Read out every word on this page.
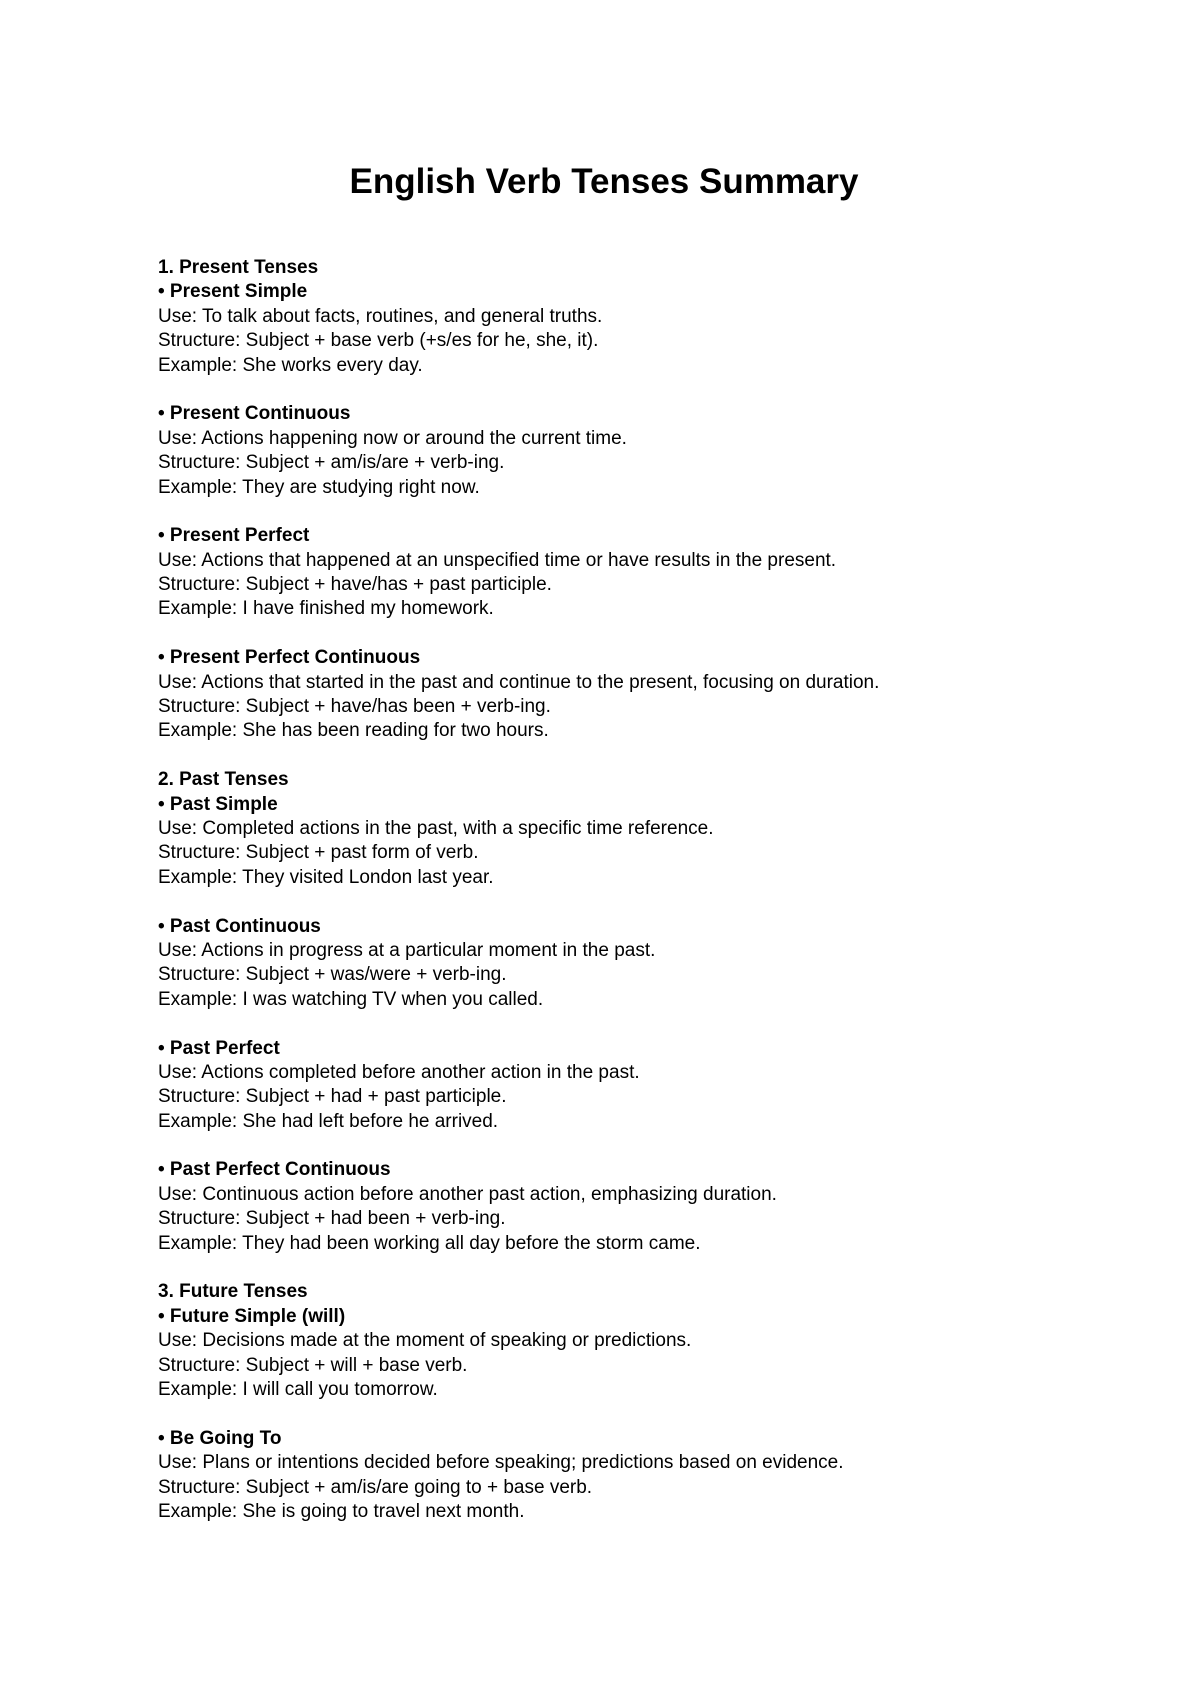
English Verb Tenses Summary
1. Present Tenses
• Present Simple
Use: To talk about facts, routines, and general truths.
Structure: Subject + base verb (+s/es for he, she, it).
Example: She works every day.
• Present Continuous
Use: Actions happening now or around the current time.
Structure: Subject + am/is/are + verb-ing.
Example: They are studying right now.
• Present Perfect
Use: Actions that happened at an unspecified time or have results in the present.
Structure: Subject + have/has + past participle.
Example: I have finished my homework.
• Present Perfect Continuous
Use: Actions that started in the past and continue to the present, focusing on duration.
Structure: Subject + have/has been + verb-ing.
Example: She has been reading for two hours.
2. Past Tenses
• Past Simple
Use: Completed actions in the past, with a specific time reference.
Structure: Subject + past form of verb.
Example: They visited London last year.
• Past Continuous
Use: Actions in progress at a particular moment in the past.
Structure: Subject + was/were + verb-ing.
Example: I was watching TV when you called.
• Past Perfect
Use: Actions completed before another action in the past.
Structure: Subject + had + past participle.
Example: She had left before he arrived.
• Past Perfect Continuous
Use: Continuous action before another past action, emphasizing duration.
Structure: Subject + had been + verb-ing.
Example: They had been working all day before the storm came.
3. Future Tenses
• Future Simple (will)
Use: Decisions made at the moment of speaking or predictions.
Structure: Subject + will + base verb.
Example: I will call you tomorrow.
• Be Going To
Use: Plans or intentions decided before speaking; predictions based on evidence.
Structure: Subject + am/is/are going to + base verb.
Example: She is going to travel next month.
